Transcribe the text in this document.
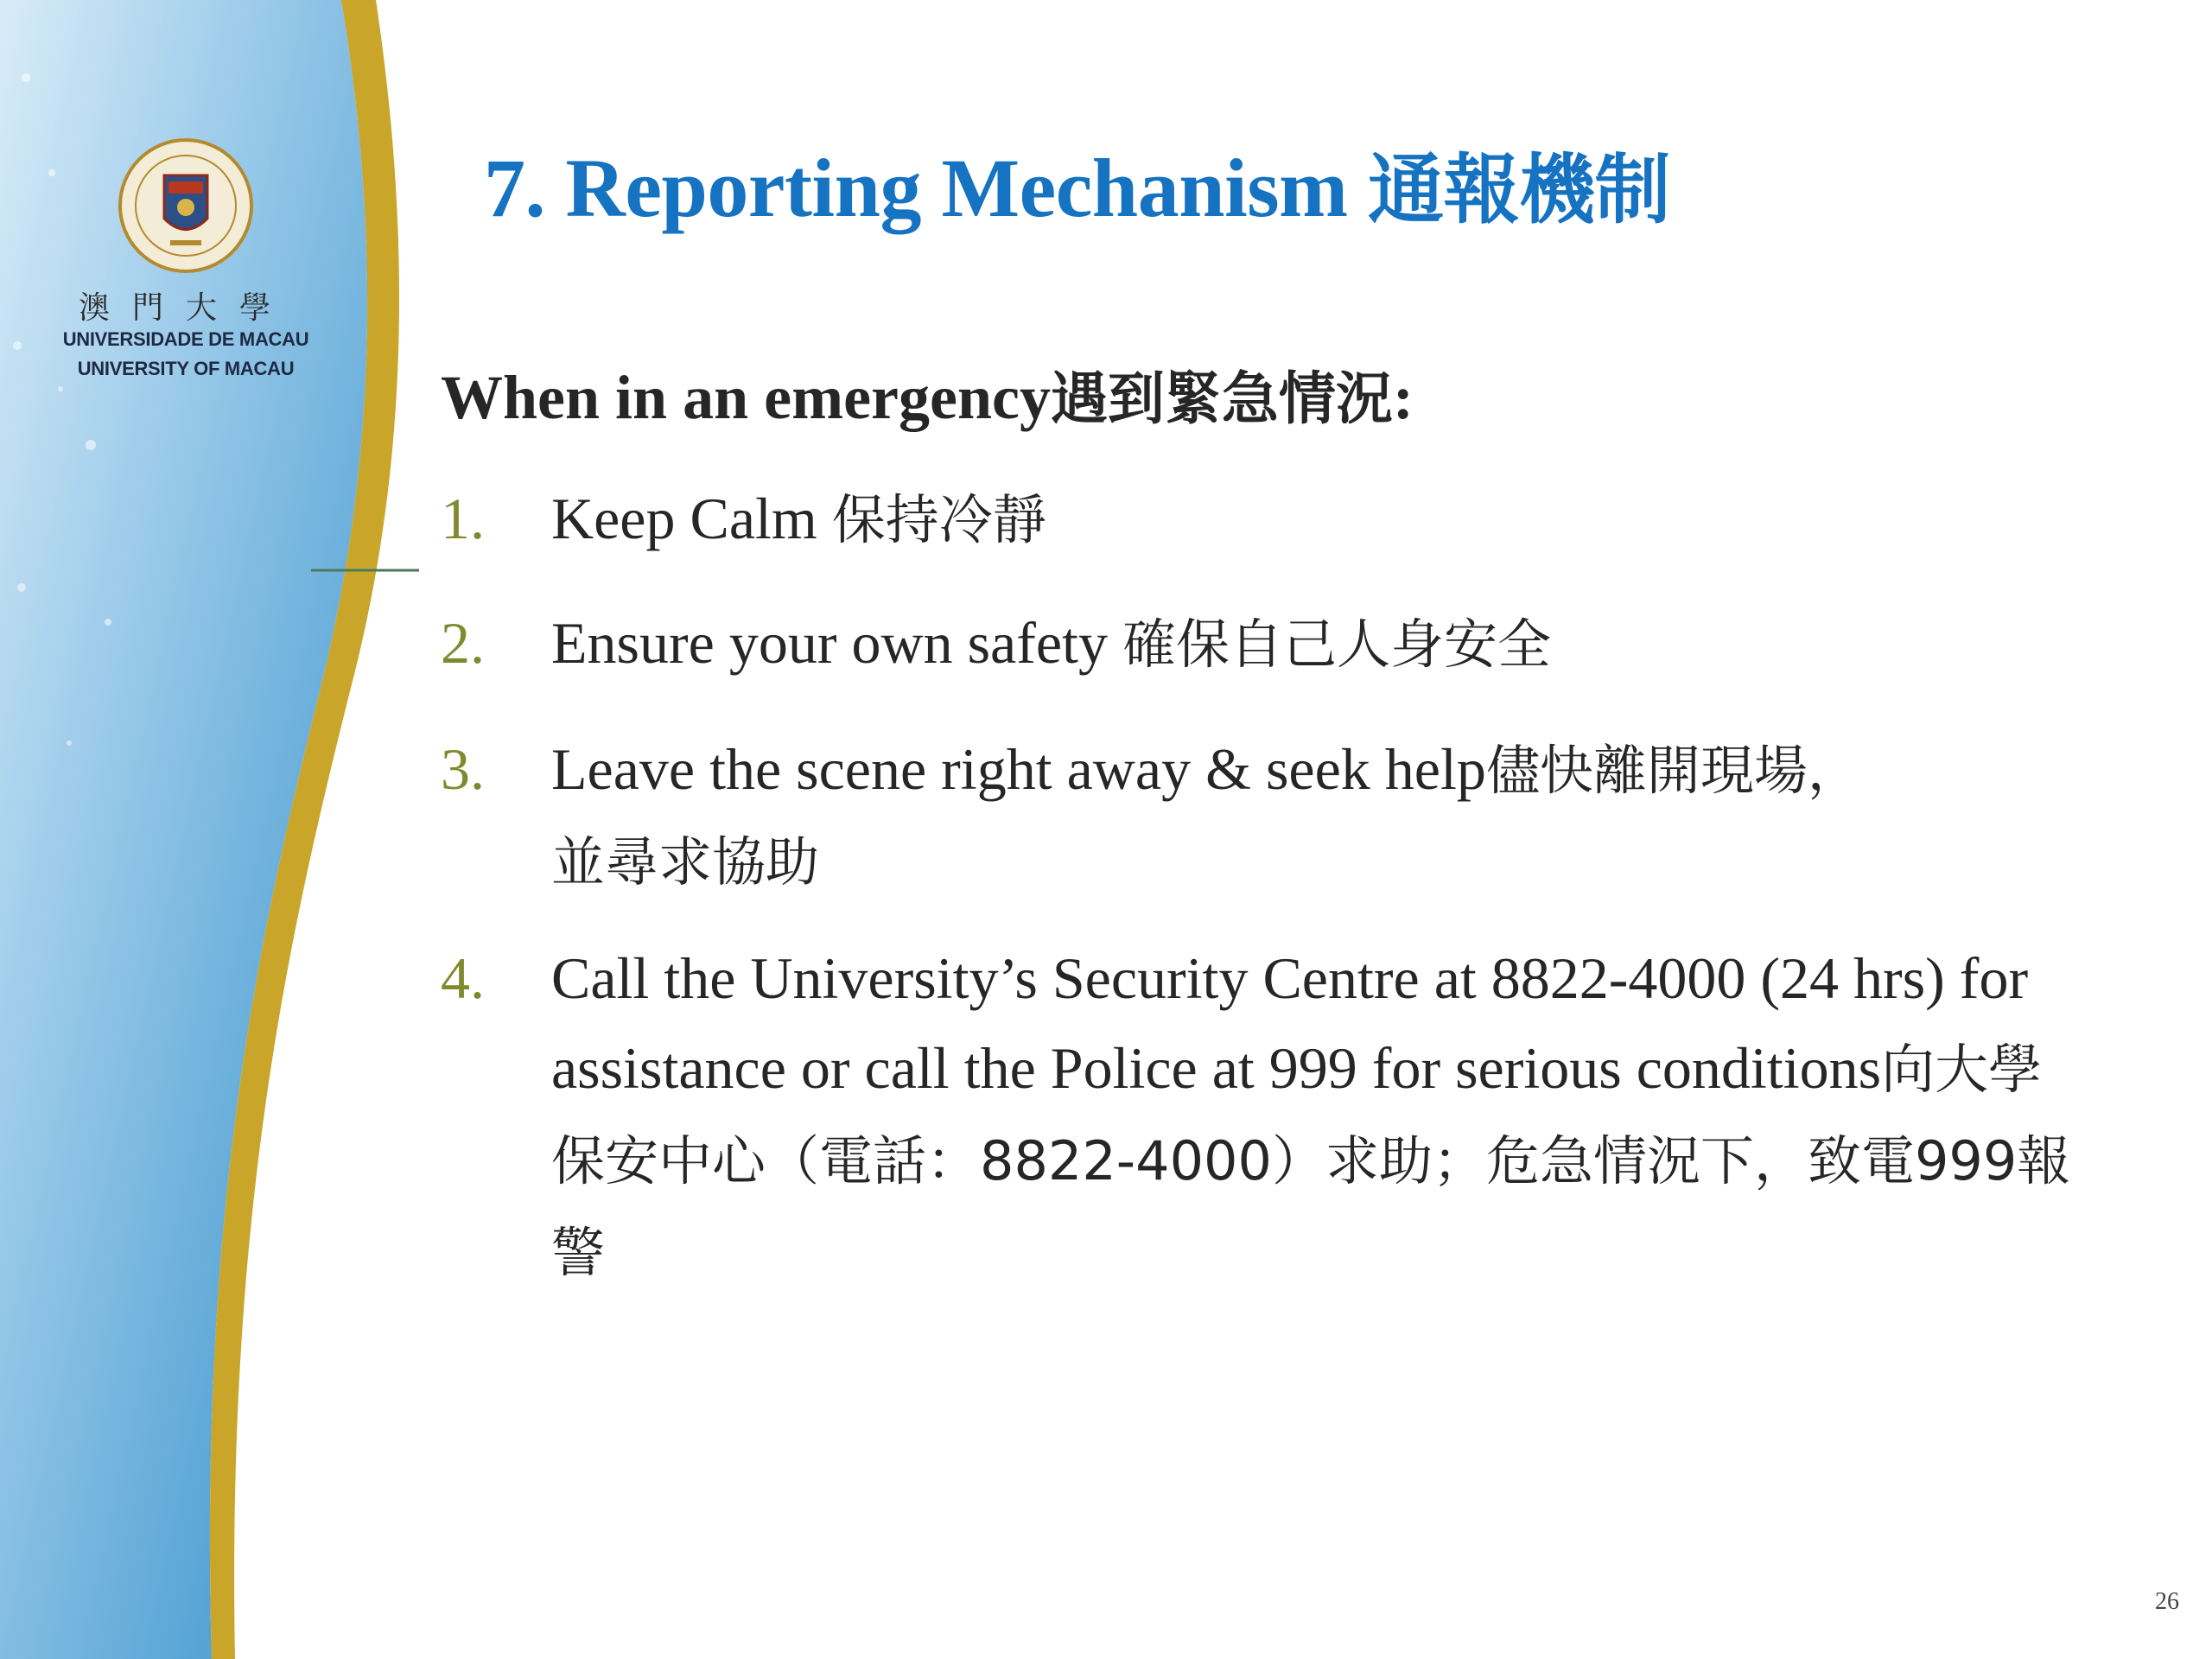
澳門大學
UNIVERSIDADE DE MACAU
UNIVERSITY OF MACAU
7. Reporting Mechanism 通報機制
When in an emergency遇到緊急情況:
1.	Keep Calm 保持冷靜
2.	Ensure your own safety 確保自己人身安全
3.	Leave the scene right away & seek help儘快離開現場，並尋求協助
4.	Call the University’s Security Centre at 8822-4000 (24 hrs) for assistance or call the Police at 999 for serious conditions向大學保安中心（電話：8822-4000）求助；危急情況下，致電999報警
26
